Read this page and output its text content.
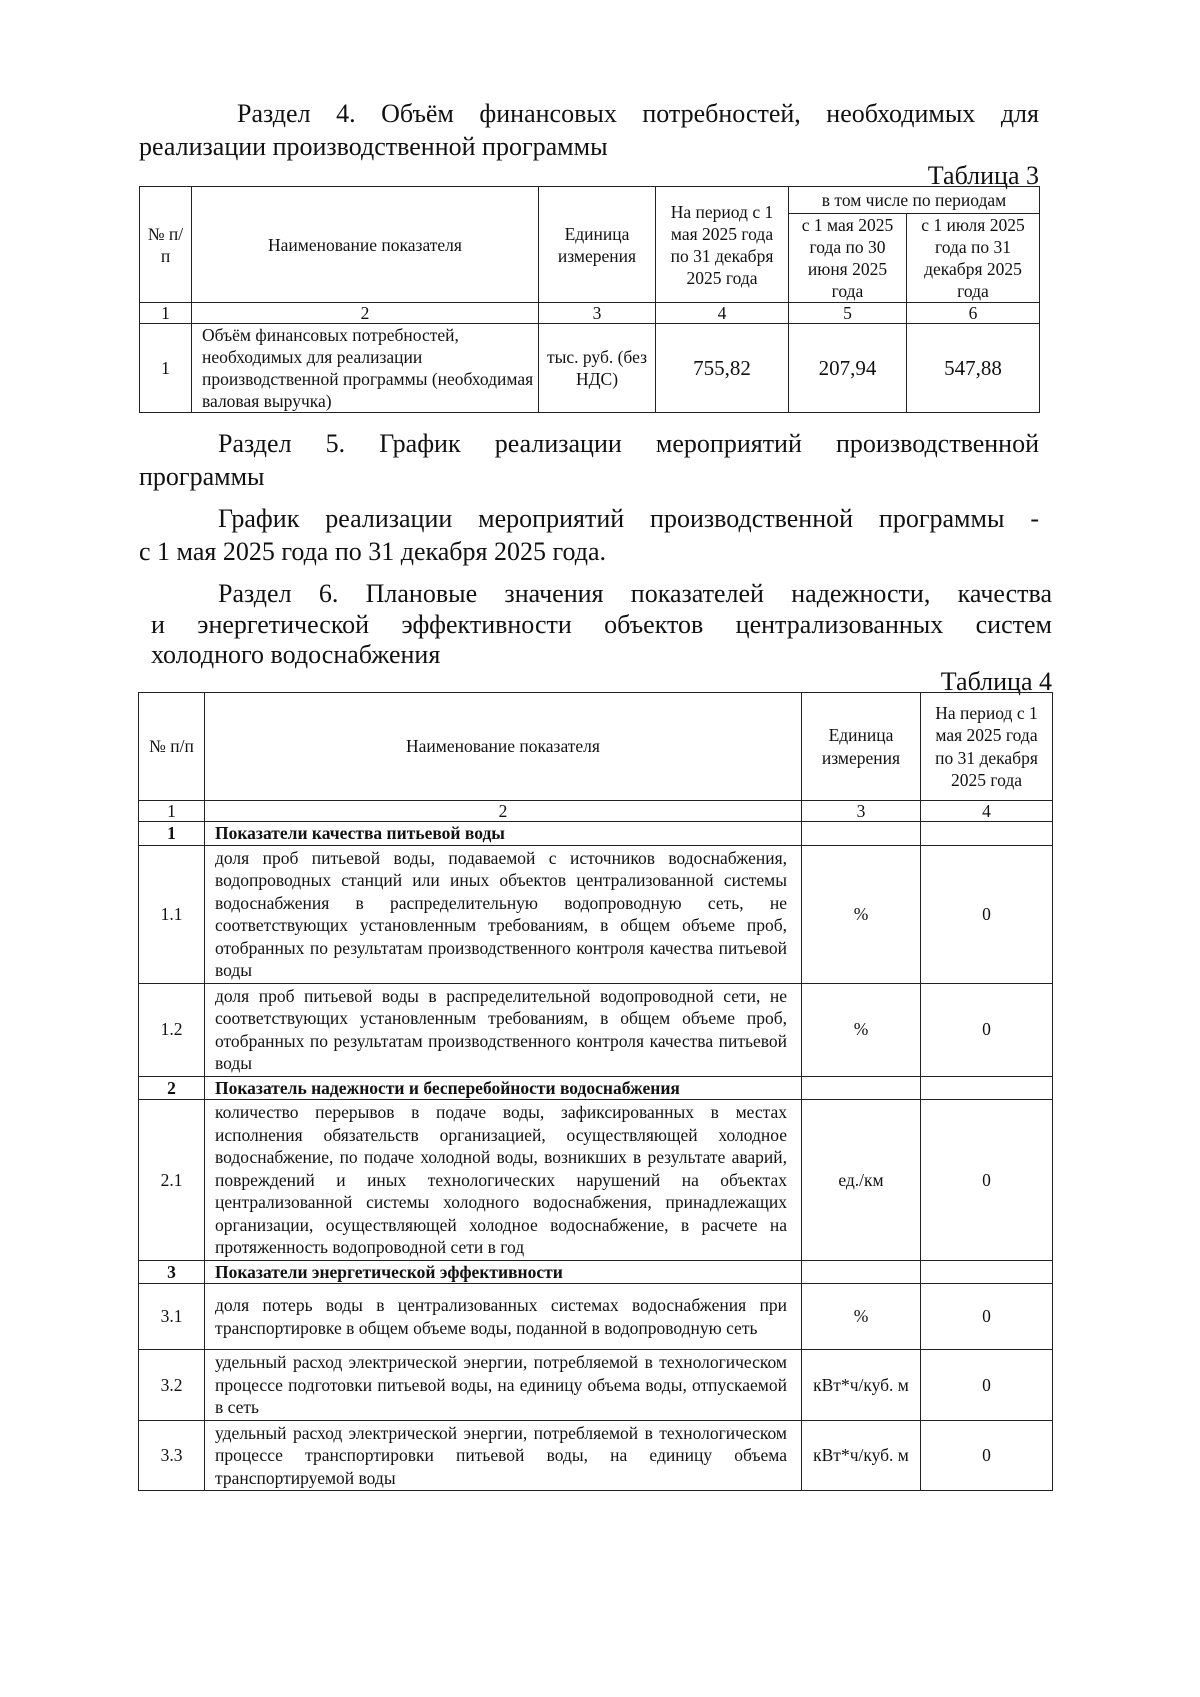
Раздел 4. Объём финансовых потребностей, необходимых для

реализации производственной программы

Таблица 3
№ п/п	Наименование показателя	Единица измерения	На период с 1 мая 2025 года по 31 декабря 2025 года	в том числе по периодам	
				с 1 мая 2025 года по 30 июня 2025 года	с 1 июля 2025 года по 31 декабря 2025 года
1	2	3	4	5	6
1	Объём финансовых потребностей, необходимых для реализации производственной программы (необходимая валовая выручка)	тыс. руб. (без НДС)	755,82	207,94	547,88

Раздел 5. График реализации мероприятий производственной

программы

График реализации мероприятий производственной программы -

с 1 мая 2025 года по 31 декабря 2025 года.

Раздел 6. Плановые значения показателей надежности, качества

и энергетической эффективности объектов централизованных систем

холодного водоснабжения

Таблица 4
№ п/п	Наименование показателя	Единица измерения	На период с 1 мая 2025 года по 31 декабря 2025 года
1	2	3	4
1	Показатели качества питьевой воды		
1.1	доля проб питьевой воды, подаваемой с источников водоснабжения, водопроводных станций или иных объектов централизованной системы водоснабжения в распределительную водопроводную сеть, не соответствующих установленным требованиям, в общем объеме проб, отобранных по результатам производственного контроля качества питьевой воды	%	0
1.2	доля проб питьевой воды в распределительной водопроводной сети, не соответствующих установленным требованиям, в общем объеме проб, отобранных по результатам производственного контроля качества питьевой воды	%	0
2	Показатель надежности и бесперебойности водоснабжения		
2.1	количество перерывов в подаче воды, зафиксированных в местах исполнения обязательств организацией, осуществляющей холодное водоснабжение, по подаче холодной воды, возникших в результате аварий, повреждений и иных технологических нарушений на объектах централизованной системы холодного водоснабжения, принадлежащих организации, осуществляющей холодное водоснабжение, в расчете на протяженность водопроводной сети в год	ед./км	0
3	Показатели энергетической эффективности		
3.1	доля потерь воды в централизованных системах водоснабжения при транспортировке в общем объеме воды, поданной в водопроводную сеть	%	0
3.2	удельный расход электрической энергии, потребляемой в технологическом процессе подготовки питьевой воды, на единицу объема воды, отпускаемой в сеть	кВт*ч/куб. м	0
3.3	удельный расход электрической энергии, потребляемой в технологическом процессе транспортировки питьевой воды, на единицу объема транспортируемой воды	кВт*ч/куб. м	0
